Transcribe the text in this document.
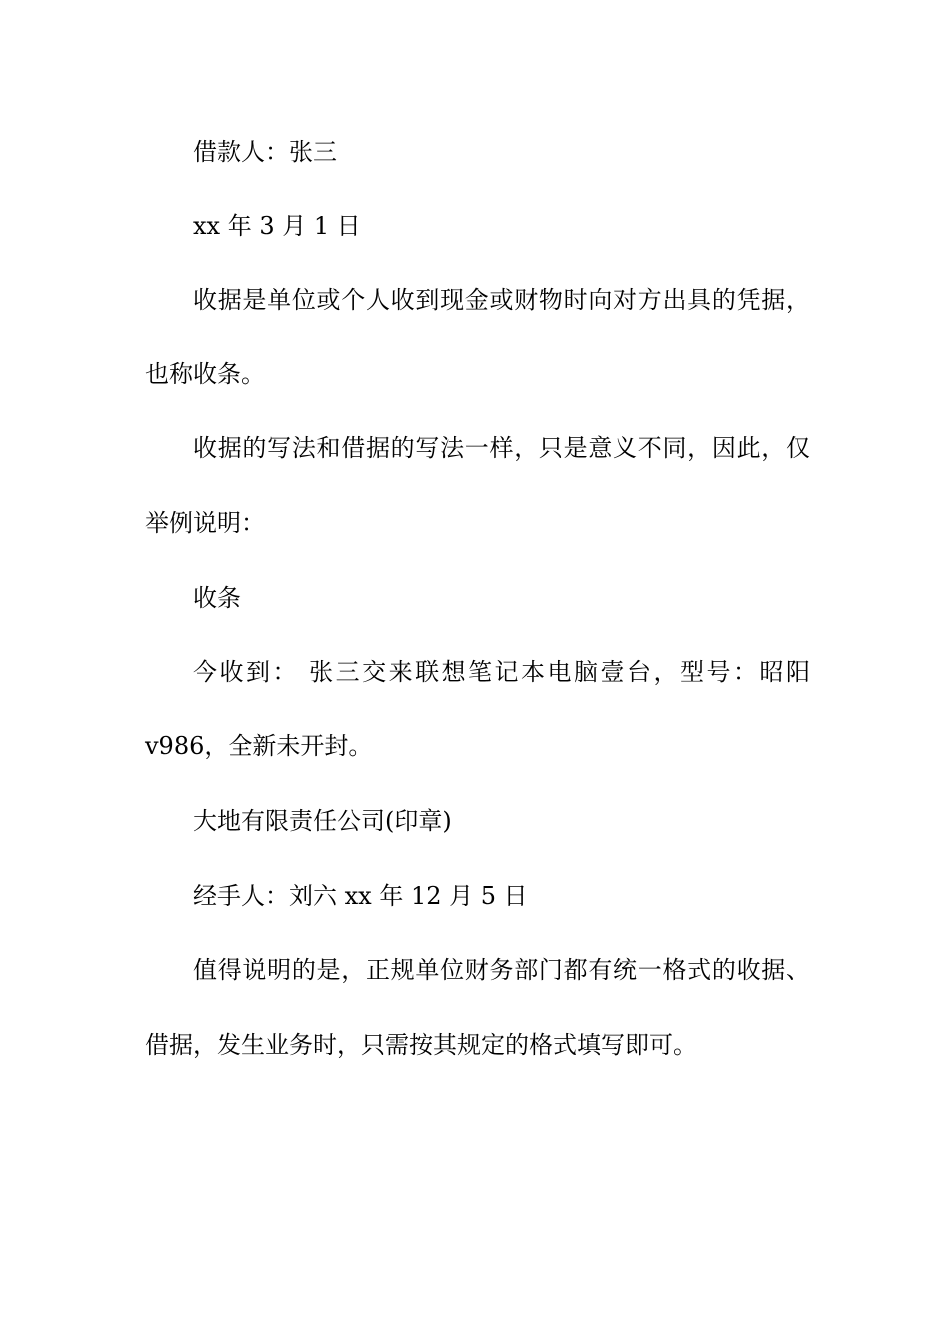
借款人：张三
xx 年 3 月 1 日
收据是单位或个人收到现金或财物时向对方出具的凭据，
也称收条。
收据的写法和借据的写法一样，只是意义不同，因此，仅
举例说明：
收条
今收到： 张三交来联想笔记本电脑壹台，型号：昭阳
v986，全新未开封。
大地有限责任公司(印章)
经手人：刘六 xx 年 12 月 5 日
值得说明的是，正规单位财务部门都有统一格式的收据、
借据，发生业务时，只需按其规定的格式填写即可。
